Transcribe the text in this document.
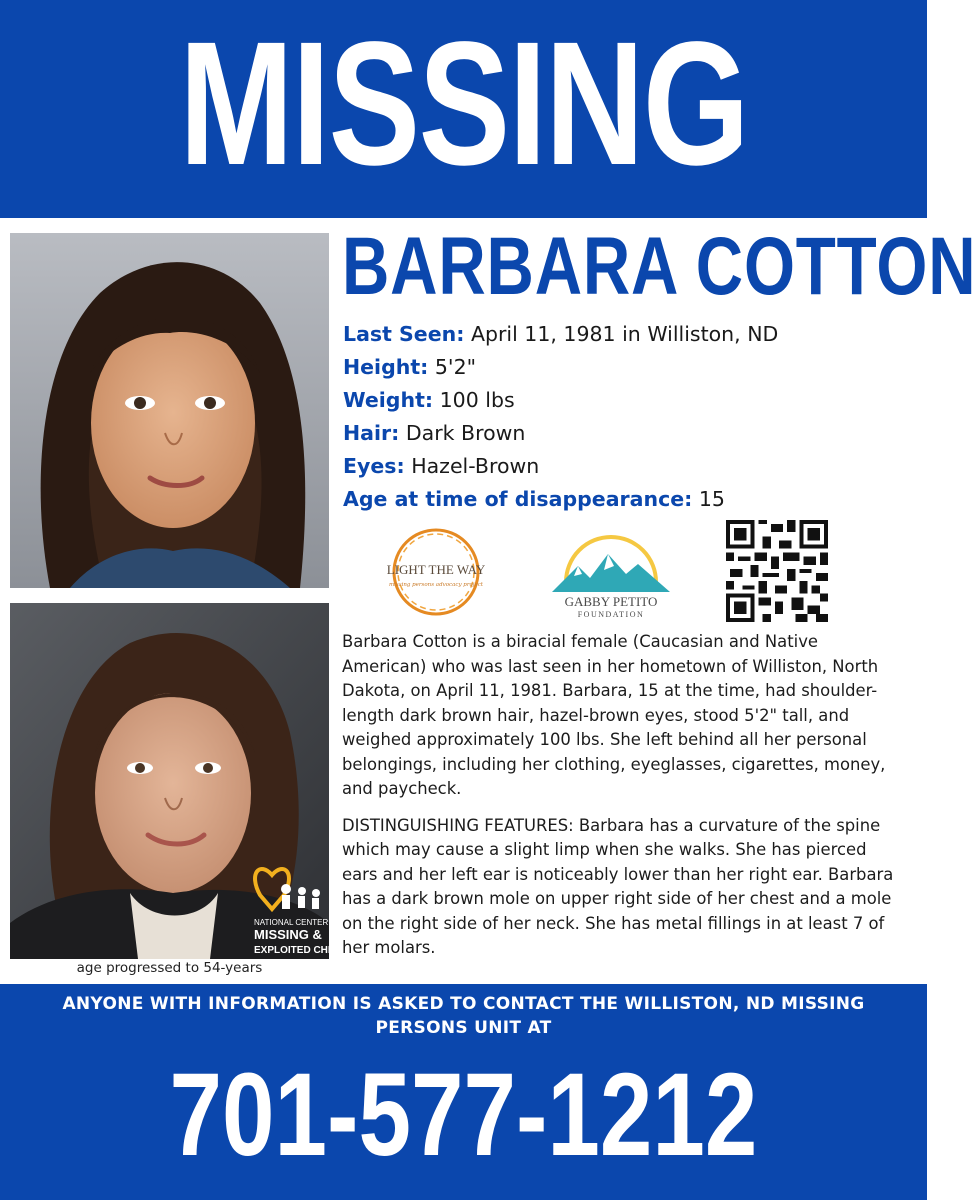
MISSING
NATIONAL CENTER FOR
MISSING &
EXPLOITED CHILDREN
age progressed to 54-years
BARBARA COTTON
Last Seen: April 11, 1981 in Williston, ND
Height: 5'2"
Weight: 100 lbs
Hair: Dark Brown
Eyes: Hazel-Brown
Age at time of disappearance: 15
LIGHT THE WAY
missing persons advocacy project
GABBY PETITO
FOUNDATION

Barbara Cotton is a biracial female (Caucasian and Native American) who was last seen in her hometown of Williston, North Dakota, on April 11, 1981. Barbara, 15 at the time, had shoulder-length dark brown hair, hazel-brown eyes, stood 5'2" tall, and weighed approximately 100 lbs. She left behind all her personal belongings, including her clothing, eyeglasses, cigarettes, money, and paycheck.

DISTINGUISHING FEATURES: Barbara has a curvature of the spine which may cause a slight limp when she walks. She has pierced ears and her left ear is noticeably lower than her right ear. Barbara has a dark brown mole on upper right side of her chest and a mole on the right side of her neck. She has metal fillings in at least 7 of her molars.

ANYONE WITH INFORMATION IS ASKED TO CONTACT THE WILLISTON, ND MISSING PERSONS UNIT AT
701-577-1212
